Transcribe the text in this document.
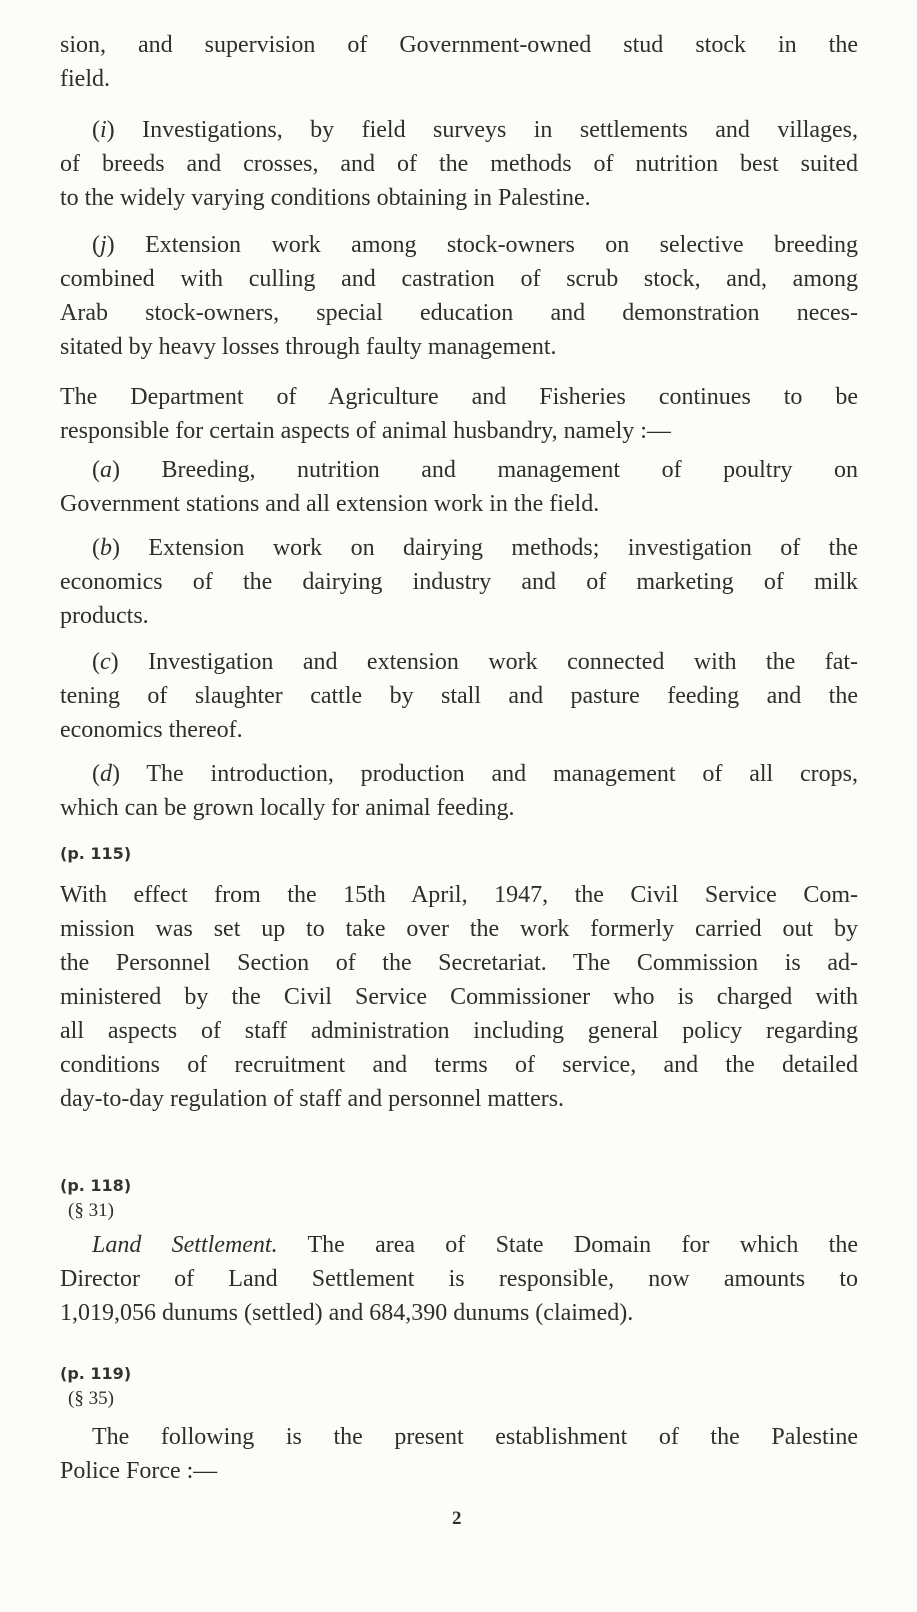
sion, and supervision of Government-owned stud stock in the
field.
(i) Investigations, by field surveys in settlements and villages,
of breeds and crosses, and of the methods of nutrition best suited
to the widely varying conditions obtaining in Palestine.
(j) Extension work among stock-owners on selective breeding
combined with culling and castration of scrub stock, and, among
Arab stock-owners, special education and demonstration neces-
sitated by heavy losses through faulty management.
The Department of Agriculture and Fisheries continues to be
responsible for certain aspects of animal husbandry, namely :—
(a) Breeding, nutrition and management of poultry on
Government stations and all extension work in the field.
(b) Extension work on dairying methods; investigation of the
economics of the dairying industry and of marketing of milk
products.
(c) Investigation and extension work connected with the fat-
tening of slaughter cattle by stall and pasture feeding and the
economics thereof.
(d) The introduction, production and management of all crops,
which can be grown locally for animal feeding.
(p. 115)
With effect from the 15th April, 1947, the Civil Service Com-
mission was set up to take over the work formerly carried out by
the Personnel Section of the Secretariat. The Commission is ad-
ministered by the Civil Service Commissioner who is charged with
all aspects of staff administration including general policy regarding
conditions of recruitment and terms of service, and the detailed
day-to-day regulation of staff and personnel matters.
(p. 118)
(§ 31)
Land Settlement. The area of State Domain for which the
Director of Land Settlement is responsible, now amounts to
1,019,056 dunums (settled) and 684,390 dunums (claimed).
(p. 119)
(§ 35)
The following is the present establishment of the Palestine
Police Force :—
2
